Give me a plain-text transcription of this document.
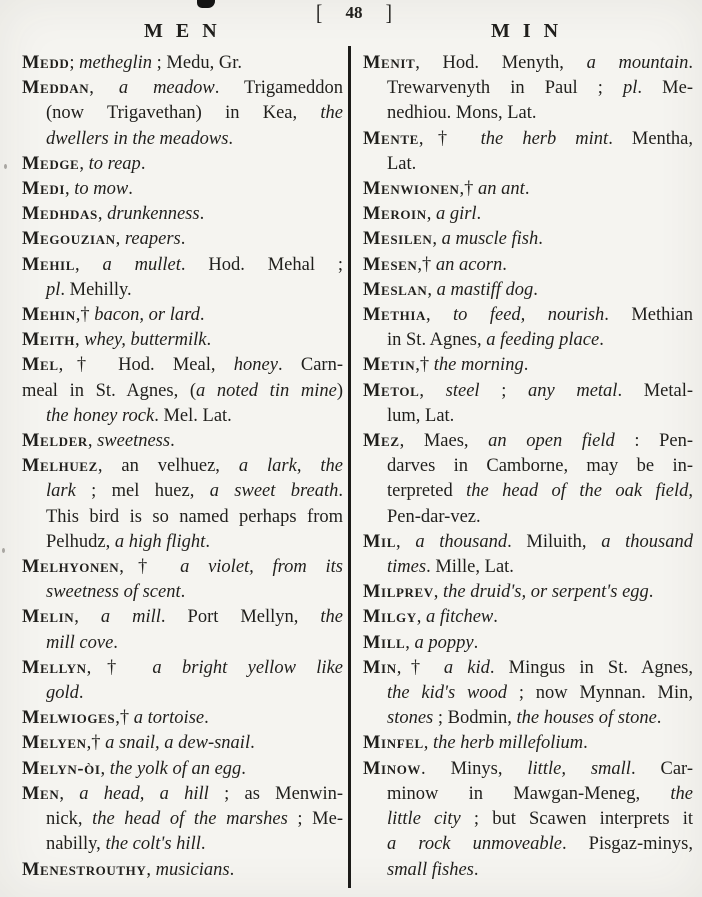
[ 48 ]
MEN	MIN
Medd; metheglin ; Medu, Gr.
Meddan, a meadow. Trigameddon
(now Trigavethan) in Kea, the
dwellers in the meadows.
Medge, to reap.
Medi, to mow.
Medhdas, drunkenness.
Megouzian, reapers.
Mehil, a mullet. Hod. Mehal ;
pl. Mehilly.
Mehin,† bacon, or lard.
Meith, whey, buttermilk.
Mel,† Hod. Meal, honey. Carn-
meal in St. Agnes, (a noted tin mine)
the honey rock. Mel. Lat.
Melder, sweetness.
Melhuez, an velhuez, a lark, the
lark ; mel huez, a sweet breath.
This bird is so named perhaps from
Pelhudz, a high flight.
Melhyonen,† a violet, from its
sweetness of scent.
Melin, a mill. Port Mellyn, the
mill cove.
Mellyn,† a bright yellow like
gold.
Melwioges,† a tortoise.
Melyen,† a snail, a dew-snail.
Melyn-òi, the yolk of an egg.
Men, a head, a hill ; as Menwin-
nick, the head of the marshes ; Me-
nabilly, the colt's hill.
Menestrouthy, musicians.
Menit, Hod. Menyth, a mountain.
Trewarvenyth in Paul ; pl. Me-
nedhiou. Mons, Lat.
Mente,† the herb mint. Mentha,
Lat.
Menwionen,† an ant.
Meroin, a girl.
Mesilen, a muscle fish.
Mesen,† an acorn.
Meslan, a mastiff dog.
Methia, to feed, nourish. Methian
in St. Agnes, a feeding place.
Metin,† the morning.
Metol, steel ; any metal. Metal-
lum, Lat.
Mez, Maes, an open field : Pen-
darves in Camborne, may be in-
terpreted the head of the oak field,
Pen-dar-vez.
Mil, a thousand. Miluith, a thousand
times. Mille, Lat.
Milprev, the druid's, or serpent's egg.
Milgy, a fitchew.
Mill, a poppy.
Min,† a kid. Mingus in St. Agnes,
the kid's wood ; now Mynnan. Min,
stones ; Bodmin, the houses of stone.
Minfel, the herb millefolium.
Minow. Minys, little, small. Car-
minow in Mawgan-Meneg, the
little city ; but Scawen interprets it
a rock unmoveable. Pisgaz-minys,
small fishes.
